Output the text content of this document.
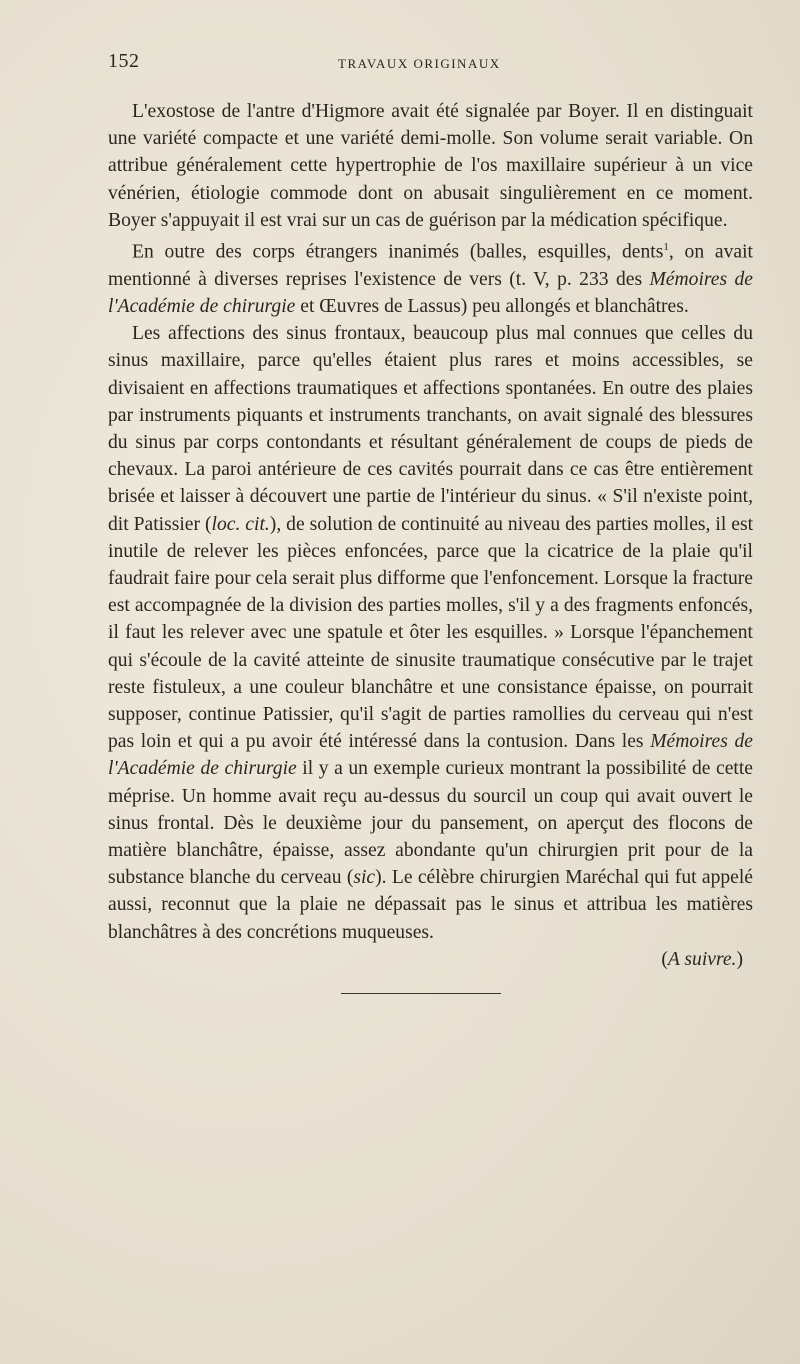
152	TRAVAUX ORIGINAUX

L'exostose de l'antre d'Higmore avait été signalée par Boyer. Il en distinguait une variété compacte et une variété demi-molle. Son volume serait variable. On attribue généralement cette hypertrophie de l'os maxillaire supérieur à un vice vénérien, étiologie commode dont on abusait singulièrement en ce moment. Boyer s'appuyait il est vrai sur un cas de guérison par la médication spécifique.

En outre des corps étrangers inanimés (balles, esquilles, dents$^1$, on avait mentionné à diverses reprises l'existence de vers (t. V, p. 233 des Mémoires de l'Académie de chirurgie et Œuvres de Lassus) peu allongés et blanchâtres.

Les affections des sinus frontaux, beaucoup plus mal connues que celles du sinus maxillaire, parce qu'elles étaient plus rares et moins accessibles, se divisaient en affections traumatiques et affections spontanées. En outre des plaies par instruments piquants et instruments tranchants, on avait signalé des blessures du sinus par corps contondants et résultant généralement de coups de pieds de chevaux. La paroi antérieure de ces cavités pourrait dans ce cas être entièrement brisée et laisser à découvert une partie de l'intérieur du sinus. « S'il n'existe point, dit Patissier (loc. cit.), de solution de continuité au niveau des parties molles, il est inutile de relever les pièces enfoncées, parce que la cicatrice de la plaie qu'il faudrait faire pour cela serait plus difforme que l'enfoncement. Lorsque la fracture est accompagnée de la division des parties molles, s'il y a des fragments enfoncés, il faut les relever avec une spatule et ôter les esquilles. » Lorsque l'épanchement qui s'écoule de la cavité atteinte de sinusite traumatique consécutive par le trajet reste fistuleux, a une couleur blanchâtre et une consistance épaisse, on pourrait supposer, continue Patissier, qu'il s'agit de parties ramollies du cerveau qui n'est pas loin et qui a pu avoir été intéressé dans la contusion. Dans les Mémoires de l'Académie de chirurgie il y a un exemple curieux montrant la possibilité de cette méprise. Un homme avait reçu au-dessus du sourcil un coup qui avait ouvert le sinus frontal. Dès le deuxième jour du pansement, on aperçut des flocons de matière blanchâtre, épaisse, assez abondante qu'un chirurgien prit pour de la substance blanche du cerveau (sic). Le célèbre chirurgien Maréchal qui fut appelé aussi, reconnut que la plaie ne dépassait pas le sinus et attribua les matières blanchâtres à des concrétions muqueuses.

(A suivre.)
